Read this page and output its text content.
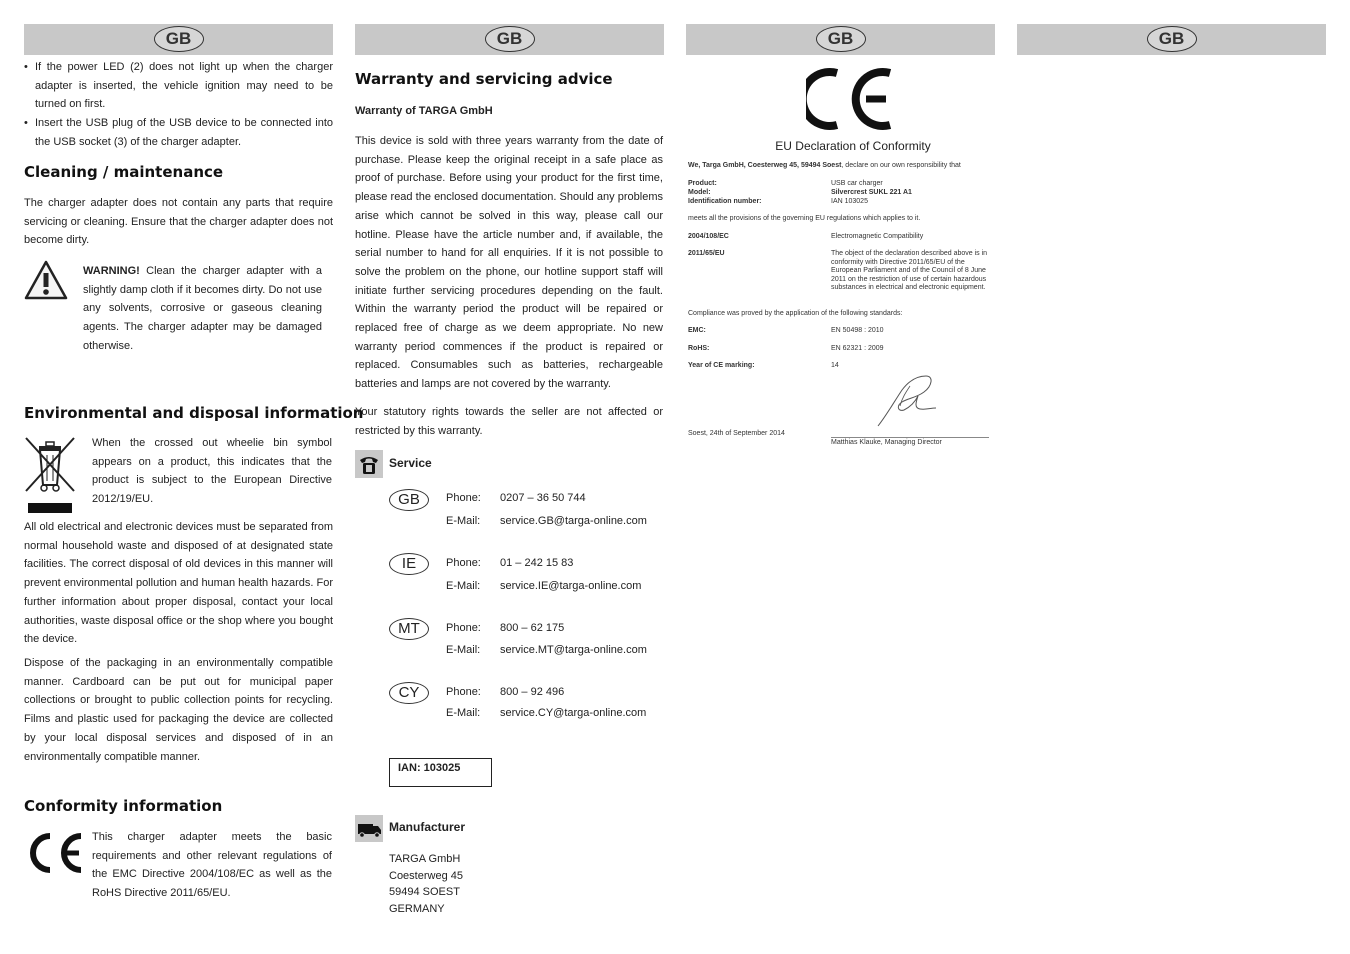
GB
• If the power LED (2) does not light up when the charger adapter is inserted, the vehicle ignition may need to be turned on first.
• Insert the USB plug of the USB device to be connected into the USB socket (3) of the charger adapter.
Cleaning / maintenance
The charger adapter does not contain any parts that require servicing or cleaning. Ensure that the charger adapter does not become dirty.
WARNING! Clean the charger adapter with a slightly damp cloth if it becomes dirty. Do not use any solvents, corrosive or gaseous cleaning agents. The charger adapter may be damaged otherwise.
Environmental and disposal information
When the crossed out wheelie bin symbol appears on a product, this indicates that the product is subject to the European Directive 2012/19/EU.
All old electrical and electronic devices must be separated from normal household waste and disposed of at designated state facilities. The correct disposal of old devices in this manner will prevent environmental pollution and human health hazards. For further information about proper disposal, contact your local authorities, waste disposal office or the shop where you bought the device.
Dispose of the packaging in an environmentally compatible manner. Cardboard can be put out for municipal paper collections or brought to public collection points for recycling. Films and plastic used for packaging the device are collected by your local disposal services and disposed of in an environmentally compatible manner.
Conformity information
This charger adapter meets the basic requirements and other relevant regulations of the EMC Directive 2004/108/EC as well as the RoHS Directive 2011/65/EU.
GB
Warranty and servicing advice
Warranty of TARGA GmbH
This device is sold with three years warranty from the date of purchase. Please keep the original receipt in a safe place as proof of purchase. Before using your product for the first time, please read the enclosed documentation. Should any problems arise which cannot be solved in this way, please call our hotline. Please have the article number and, if available, the serial number to hand for all enquiries. If it is not possible to solve the problem on the phone, our hotline support staff will initiate further servicing procedures depending on the fault. Within the warranty period the product will be repaired or replaced free of charge as we deem appropriate. No new warranty period commences if the product is repaired or replaced. Consumables such as batteries, rechargeable batteries and lamps are not covered by the warranty.
Your statutory rights towards the seller are not affected or restricted by this warranty.
Service
GB	Phone: 0207 – 36 50 744
E-Mail: service.GB@targa-online.com
IE	Phone: 01 – 242 15 83
E-Mail: service.IE@targa-online.com
MT	Phone: 800 – 62 175
E-Mail: service.MT@targa-online.com
CY	Phone: 800 – 92 496
E-Mail: service.CY@targa-online.com
IAN: 103025
Manufacturer
TARGA GmbH
Coesterweg 45
59494 SOEST
GERMANY
GB
EU Declaration of Conformity
We, Targa GmbH, Coesterweg 45, 59494 Soest, declare on our own responsibility that
Product:	USB car charger
Model:	Silvercrest SUKL 221 A1
Identification number:	IAN 103025
meets all the provisions of the governing EU regulations which applies to it.
2004/108/EC	Electromagnetic Compatibility
2011/65/EU	The object of the declaration described above is in conformity with Directive 2011/65/EU of the European Parliament and of the Council of 8 June 2011 on the restriction of use of certain hazardous substances in electrical and electronic equipment.
Compliance was proved by the application of the following standards:
EMC:	EN 50498 : 2010
RoHS:	EN 62321 : 2009
Year of CE marking:	14
Soest, 24th of September 2014
Matthias Klauke, Managing Director
GB
